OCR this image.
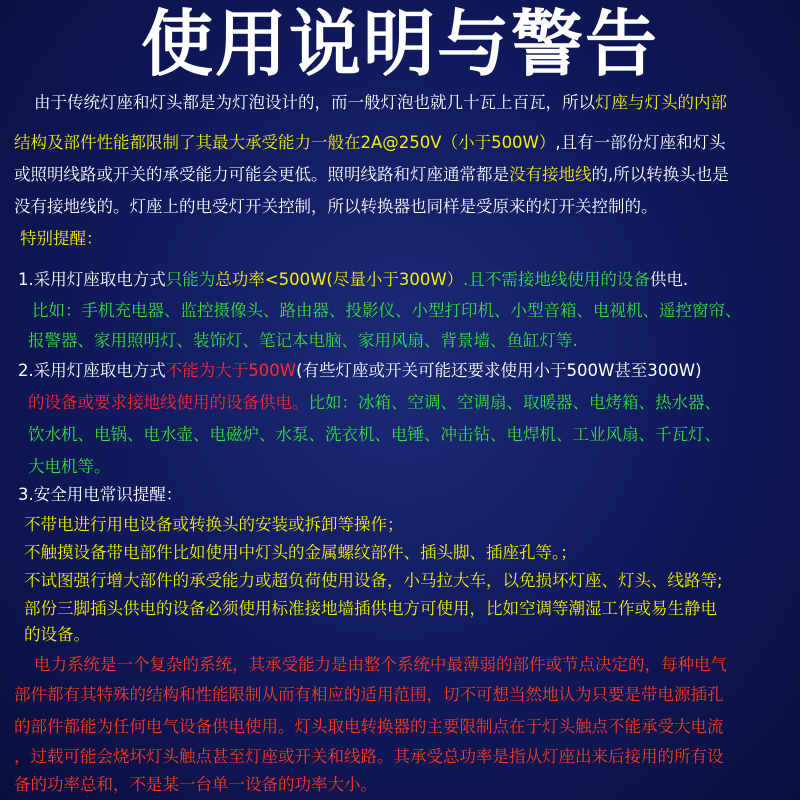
使用说明与警告
由于传统灯座和灯头都是为灯泡设计的，而一般灯泡也就几十瓦上百瓦，所以灯座与灯头的内部
结构及部件性能都限制了其最大承受能力一般在2A@250V（小于500W）,且有一部份灯座和灯头
或照明线路或开关的承受能力可能会更低。照明线路和灯座通常都是没有接地线的,所以转换头也是
没有接地线的。灯座上的电受灯开关控制，所以转换器也同样是受原来的灯开关控制的。
特别提醒：
1.采用灯座取电方式只能为总功率<500W(尽量小于300W）.且不需接地线使用的设备供电.
比如：手机充电器、监控摄像头、路由器、投影仪、小型打印机、小型音箱、电视机、遥控窗帘、
报警器、家用照明灯、装饰灯、笔记本电脑、家用风扇、背景墙、鱼缸灯等.
2.采用灯座取电方式不能为大于500W(有些灯座或开关可能还要求使用小于500W甚至300W)
的设备或要求接地线使用的设备供电。比如：冰箱、空调、空调扇、取暖器、电烤箱、热水器、
饮水机、电锅、电水壶、电磁炉、水泵、洗衣机、电锤、冲击钻、电焊机、工业风扇、千瓦灯、
大电机等。
3.安全用电常识提醒：
不带电进行用电设备或转换头的安装或拆卸等操作；
不触摸设备带电部件比如使用中灯头的金属螺纹部件、插头脚、插座孔等。；
不试图强行增大部件的承受能力或超负荷使用设备，小马拉大车，以免损坏灯座、灯头、线路等;
部份三脚插头供电的设备必须使用标准接地墙插供电方可使用，比如空调等潮湿工作或易生静电
的设备。
电力系统是一个复杂的系统，其承受能力是由整个系统中最薄弱的部件或节点决定的，每种电气
部件都有其特殊的结构和性能限制从而有相应的适用范围，切不可想当然地认为只要是带电源插孔
的部件都能为任何电气设备供电使用。灯头取电转换器的主要限制点在于灯头触点不能承受大电流
，过载可能会烧坏灯头触点甚至灯座或开关和线路。其承受总功率是指从灯座出来后接用的所有设
备的功率总和，不是某一台单一设备的功率大小。
